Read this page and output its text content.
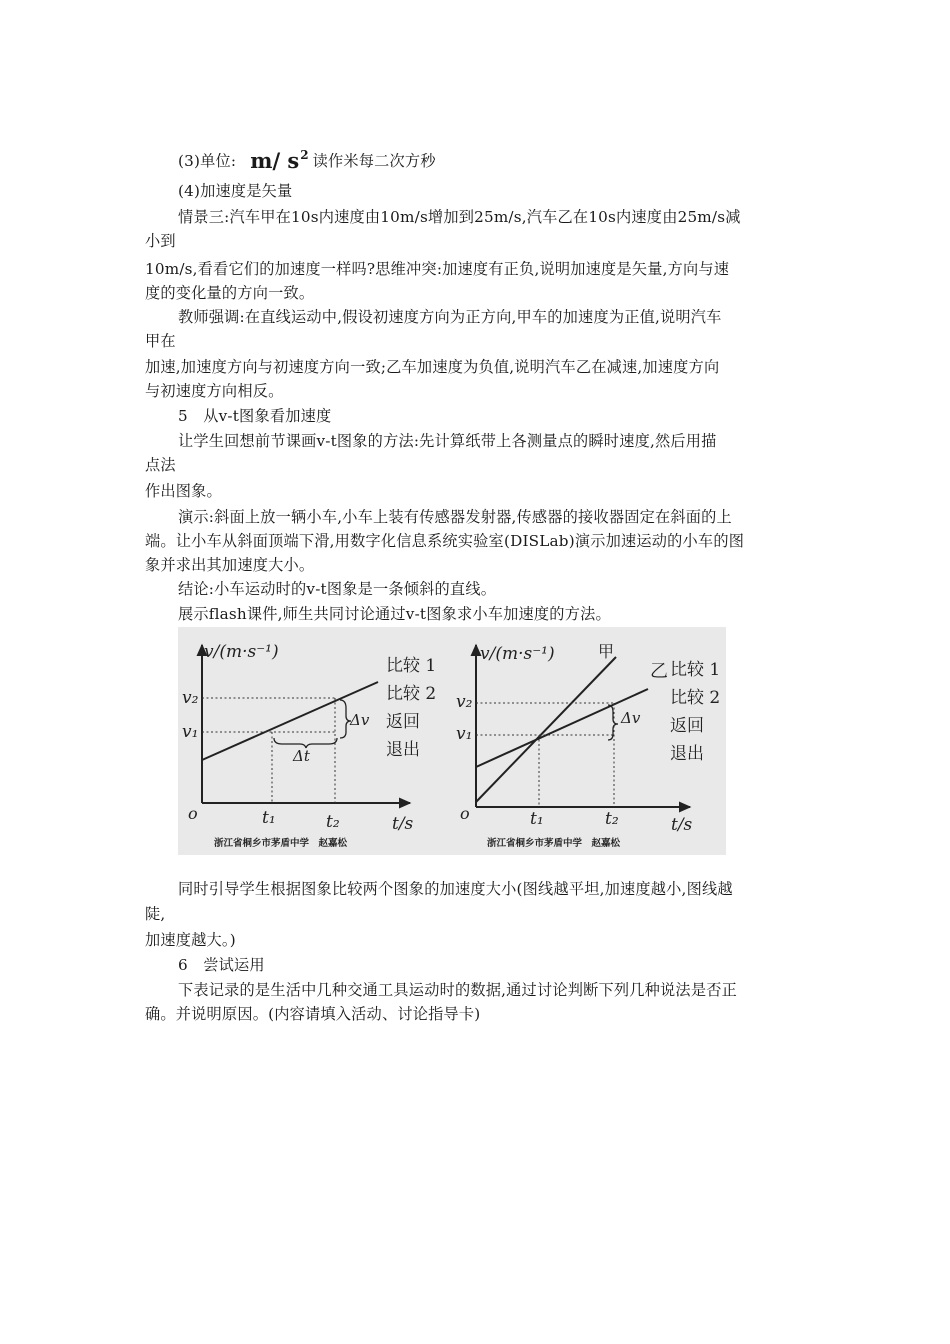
(3)单位: m/ $s^2$ 读作米每二次方秒
(4)加速度是矢量
情景三:汽车甲在10s内速度由10m/s增加到25m/s,汽车乙在10s内速度由25m/s减
小到
10m/s,看看它们的加速度一样吗?思维冲突:加速度有正负,说明加速度是矢量,方向与速
度的变化量的方向一致。
教师强调:在直线运动中,假设初速度方向为正方向,甲车的加速度为正值,说明汽车
甲在
加速,加速度方向与初速度方向一致;乙车加速度为负值,说明汽车乙在减速,加速度方向
与初速度方向相反。
5　从v-t图象看加速度
让学生回想前节课画v-t图象的方法:先计算纸带上各测量点的瞬时速度,然后用描
点法
作出图象。
演示:斜面上放一辆小车,小车上装有传感器发射器,传感器的接收器固定在斜面的上
端。让小车从斜面顶端下滑,用数字化信息系统实验室(DISLab)演示加速运动的小车的图
象并求出其加速度大小。
结论:小车运动时的v-t图象是一条倾斜的直线。
展示flash课件,师生共同讨论通过v-t图象求小车加速度的方法。
v/(m·s⁻¹)
v₂
v₁
o	t₁	t₂	t/s
Δv
Δt
比较 1
比较 2
返回
退出
浙江省桐乡市茅盾中学　赵嘉松
v/(m·s⁻¹)
v₂
v₁
o	t₁	t₂	t/s
Δv
甲
乙 比较 1
比较 2
返回
退出
浙江省桐乡市茅盾中学　赵嘉松
同时引导学生根据图象比较两个图象的加速度大小(图线越平坦,加速度越小,图线越
陡,
加速度越大。)
6　尝试运用
下表记录的是生活中几种交通工具运动时的数据,通过讨论判断下列几种说法是否正
确。并说明原因。(内容请填入活动、讨论指导卡)
